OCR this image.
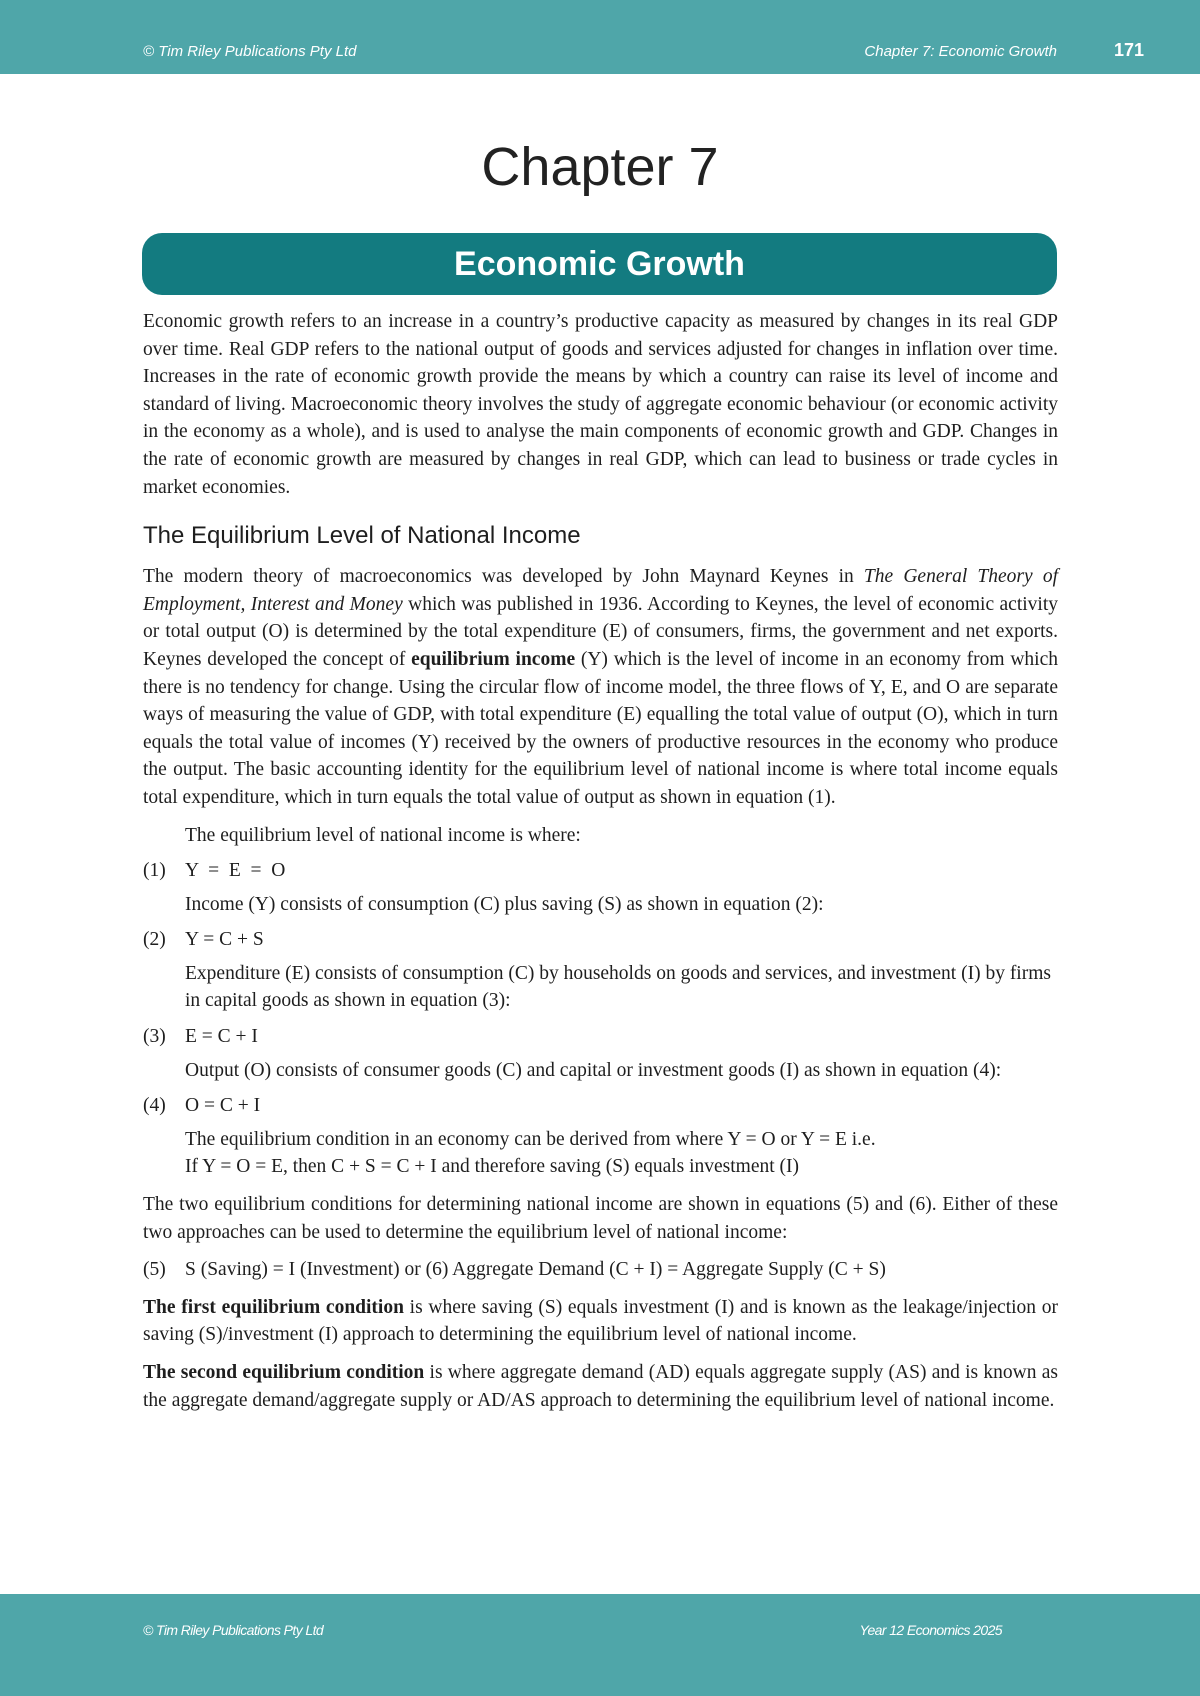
© Tim Riley Publications Pty Ltd	Chapter 7: Economic Growth	171
Chapter 7
Economic Growth

Economic growth refers to an increase in a country’s productive capacity as measured by changes in its real GDP over time. Real GDP refers to the national output of goods and services adjusted for changes in inflation over time. Increases in the rate of economic growth provide the means by which a country can raise its level of income and standard of living. Macroeconomic theory involves the study of aggregate economic behaviour (or economic activity in the economy as a whole), and is used to analyse the main components of economic growth and GDP. Changes in the rate of economic growth are measured by changes in real GDP, which can lead to business or trade cycles in market economies.

The Equilibrium Level of National Income

The modern theory of macroeconomics was developed by John Maynard Keynes in The General Theory of Employment, Interest and Money which was published in 1936. According to Keynes, the level of economic activity or total output (O) is determined by the total expenditure (E) of consumers, firms, the government and net exports. Keynes developed the concept of equilibrium income (Y) which is the level of income in an economy from which there is no tendency for change. Using the circular flow of income model, the three flows of Y, E, and O are separate ways of measuring the value of GDP, with total expenditure (E) equalling the total value of output (O), which in turn equals the total value of incomes (Y) received by the owners of productive resources in the economy who produce the output. The basic accounting identity for the equilibrium level of national income is where total income equals total expenditure, which in turn equals the total value of output as shown in equation (1).

The equilibrium level of national income is where:

(1) Y  =  E  =  O

Income (Y) consists of consumption (C) plus saving (S) as shown in equation (2):

(2) Y = C + S

Expenditure (E) consists of consumption (C) by households on goods and services, and investment (I) by firms in capital goods as shown in equation (3):

(3) E = C + I

Output (O) consists of consumer goods (C) and capital or investment goods (I) as shown in equation (4):

(4) O = C + I

The equilibrium condition in an economy can be derived from where Y = O or Y = E i.e.

If Y = O = E, then C + S = C + I and therefore saving (S) equals investment (I)

The two equilibrium conditions for determining national income are shown in equations (5) and (6). Either of these two approaches can be used to determine the equilibrium level of national income:

(5) S (Saving) = I (Investment) or (6) Aggregate Demand (C + I) = Aggregate Supply (C + S)

The first equilibrium condition is where saving (S) equals investment (I) and is known as the leakage/injection or saving (S)/investment (I) approach to determining the equilibrium level of national income.

The second equilibrium condition is where aggregate demand (AD) equals aggregate supply (AS) and is known as the aggregate demand/aggregate supply or AD/AS approach to determining the equilibrium level of national income.

© Tim Riley Publications Pty Ltd	Year 12 Economics 2025
